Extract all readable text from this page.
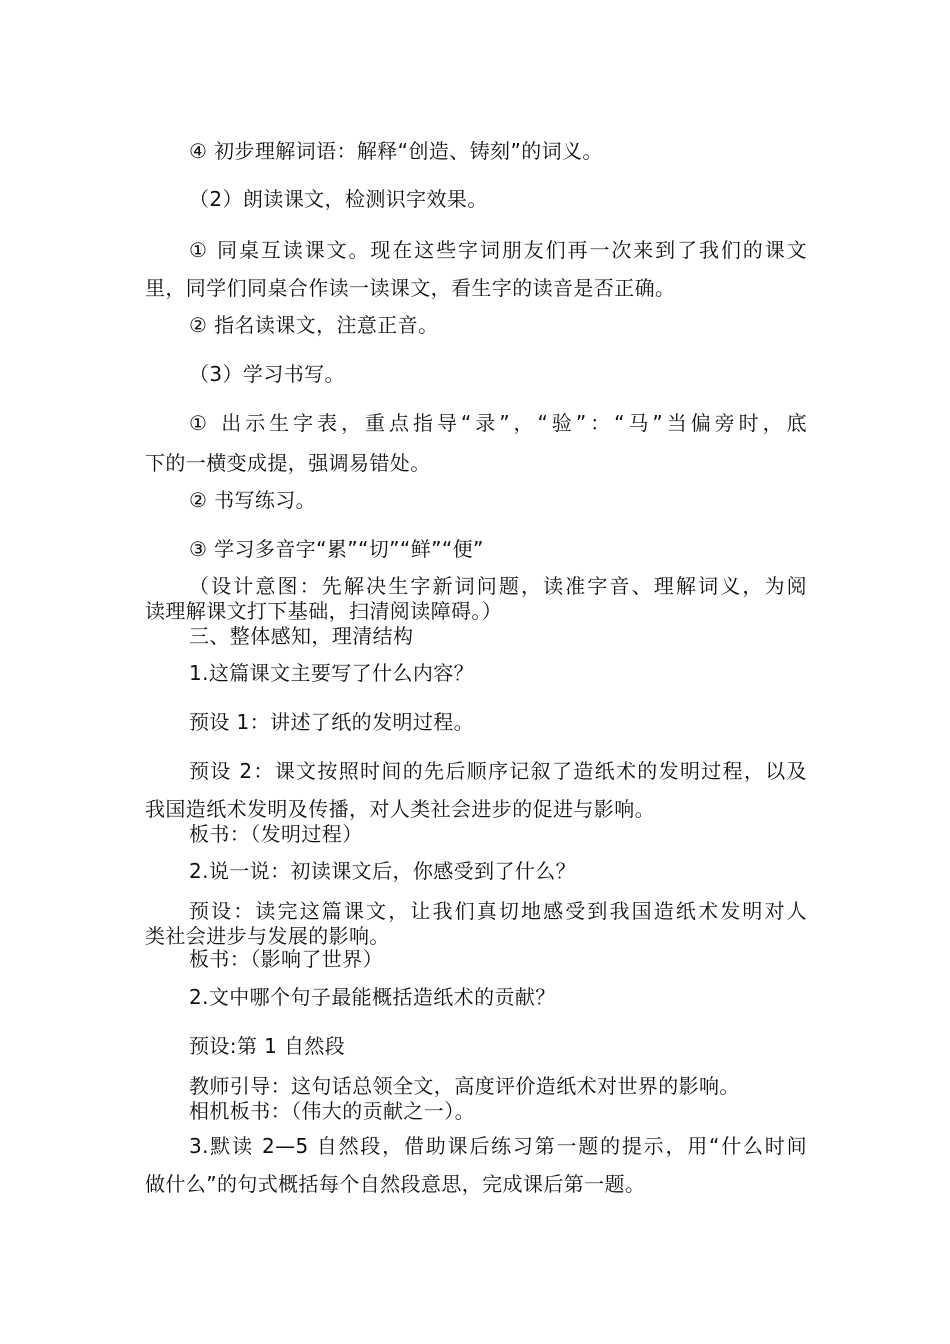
④ 初步理解词语：解释“创造、铸刻”的词义。
（2）朗读课文，检测识字效果。
① 同桌互读课文。现在这些字词朋友们再一次来到了我们的课文
里，同学们同桌合作读一读课文，看生字的读音是否正确。
② 指名读课文，注意正音。
（3）学习书写。
① 出示生字表，重点指导“录”，“验”：“马”当偏旁时，底
下的一横变成提，强调易错处。
② 书写练习。
③ 学习多音字“累”“切”“鲜”“便”
（设计意图：先解决生字新词问题，读准字音、理解词义，为阅
读理解课文打下基础，扫清阅读障碍。）
三、整体感知，理清结构
1.这篇课文主要写了什么内容？
预设 1：讲述了纸的发明过程。
预设 2：课文按照时间的先后顺序记叙了造纸术的发明过程，以及
我国造纸术发明及传播，对人类社会进步的促进与影响。
板书：（发明过程）
2.说一说：初读课文后，你感受到了什么？
预设：读完这篇课文，让我们真切地感受到我国造纸术发明对人
类社会进步与发展的影响。
板书：（影响了世界）
2.文中哪个句子最能概括造纸术的贡献？
预设:第 1 自然段
教师引导：这句话总领全文，高度评价造纸术对世界的影响。
相机板书：（伟大的贡献之一）。
3.默读 2—5 自然段，借助课后练习第一题的提示，用“什么时间
做什么”的句式概括每个自然段意思，完成课后第一题。
